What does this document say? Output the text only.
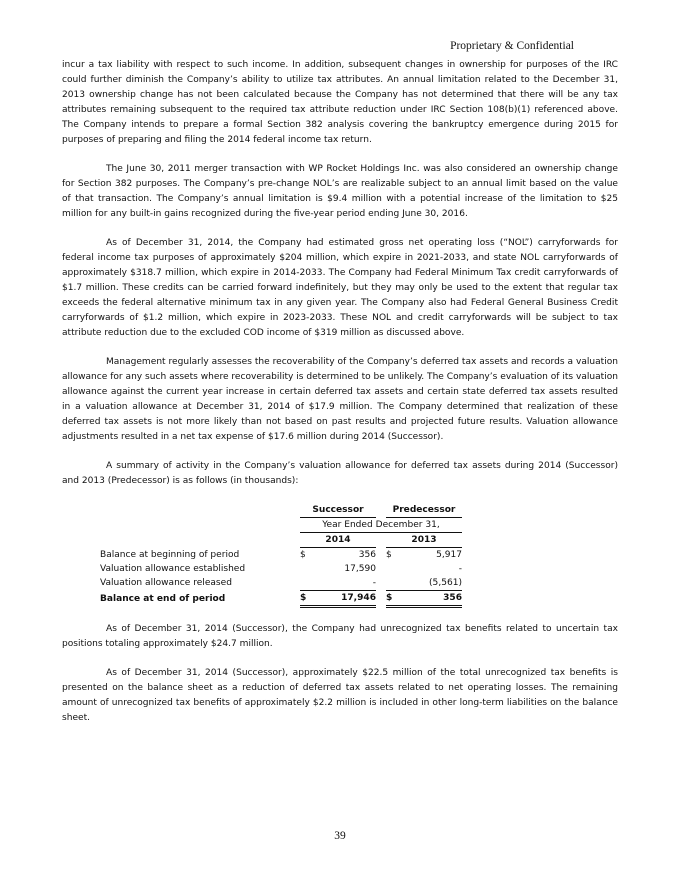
Proprietary & Confidential

incur a tax liability with respect to such income. In addition, subsequent changes in ownership for purposes of the IRC could further diminish the Company’s ability to utilize tax attributes. An annual limitation related to the December 31, 2013 ownership change has not been calculated because the Company has not determined that there will be any tax attributes remaining subsequent to the required tax attribute reduction under IRC Section 108(b)(1) referenced above. The Company intends to prepare a formal Section 382 analysis covering the bankruptcy emergence during 2015 for purposes of preparing and filing the 2014 federal income tax return.

The June 30, 2011 merger transaction with WP Rocket Holdings Inc. was also considered an ownership change for Section 382 purposes. The Company’s pre-change NOL’s are realizable subject to an annual limit based on the value of that transaction. The Company’s annual limitation is $9.4 million with a potential increase of the limitation to $25 million for any built-in gains recognized during the five-year period ending June 30, 2016.

As of December 31, 2014, the Company had estimated gross net operating loss (“NOL”) carryforwards for federal income tax purposes of approximately $204 million, which expire in 2021-2033, and state NOL carryforwards of approximately $318.7 million, which expire in 2014-2033. The Company had Federal Minimum Tax credit carryforwards of $1.7 million. These credits can be carried forward indefinitely, but they may only be used to the extent that regular tax exceeds the federal alternative minimum tax in any given year. The Company also had Federal General Business Credit carryforwards of $1.2 million, which expire in 2023-2033. These NOL and credit carryforwards will be subject to tax attribute reduction due to the excluded COD income of $319 million as discussed above.

Management regularly assesses the recoverability of the Company’s deferred tax assets and records a valuation allowance for any such assets where recoverability is determined to be unlikely. The Company’s evaluation of its valuation allowance against the current year increase in certain deferred tax assets and certain state deferred tax assets resulted in a valuation allowance at December 31, 2014 of $17.9 million. The Company determined that realization of these deferred tax assets is not more likely than not based on past results and projected future results. Valuation allowance adjustments resulted in a net tax expense of $17.6 million during 2014 (Successor).

A summary of activity in the Company’s valuation allowance for deferred tax assets during 2014 (Successor) and 2013 (Predecessor) is as follows (in thousands):

		Successor			Predecessor	
		Year Ended December 31,				
		2014			2013	
Balance at beginning of period		$	356		$	5,917
Valuation allowance established			17,590			-
Valuation allowance released			-			(5,561)
Balance at end of period		$	17,946		$	356

As of December 31, 2014 (Successor), the Company had unrecognized tax benefits related to uncertain tax positions totaling approximately $24.7 million.

As of December 31, 2014 (Successor), approximately $22.5 million of the total unrecognized tax benefits is presented on the balance sheet as a reduction of deferred tax assets related to net operating losses. The remaining amount of unrecognized tax benefits of approximately $2.2 million is included in other long-term liabilities on the balance sheet.

39
